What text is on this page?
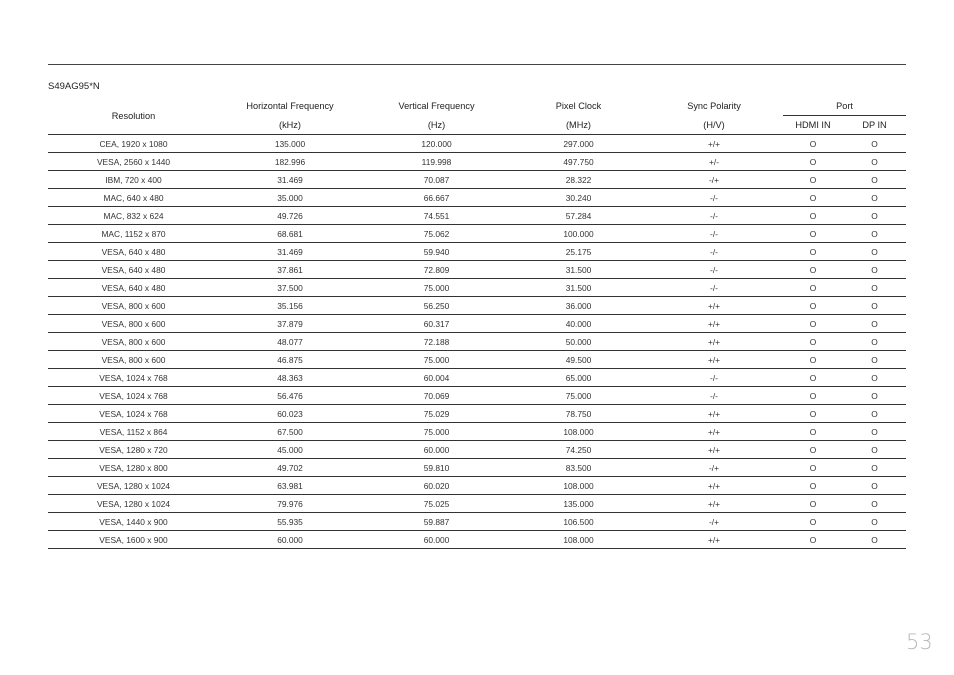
S49AG95*N
Resolution	Horizontal Frequency	Vertical Frequency	Pixel Clock	Sync Polarity	Port	
	(kHz)	(Hz)	(MHz)	(H/V)	HDMI IN	DP IN
CEA, 1920 x 1080	135.000	120.000	297.000	+/+	O	O
VESA, 2560 x 1440	182.996	119.998	497.750	+/-	O	O
IBM, 720 x 400	31.469	70.087	28.322	-/+	O	O
MAC, 640 x 480	35.000	66.667	30.240	-/-	O	O
MAC, 832 x 624	49.726	74.551	57.284	-/-	O	O
MAC, 1152 x 870	68.681	75.062	100.000	-/-	O	O
VESA, 640 x 480	31.469	59.940	25.175	-/-	O	O
VESA, 640 x 480	37.861	72.809	31.500	-/-	O	O
VESA, 640 x 480	37.500	75.000	31.500	-/-	O	O
VESA, 800 x 600	35.156	56.250	36.000	+/+	O	O
VESA, 800 x 600	37.879	60.317	40.000	+/+	O	O
VESA, 800 x 600	48.077	72.188	50.000	+/+	O	O
VESA, 800 x 600	46.875	75.000	49.500	+/+	O	O
VESA, 1024 x 768	48.363	60.004	65.000	-/-	O	O
VESA, 1024 x 768	56.476	70.069	75.000	-/-	O	O
VESA, 1024 x 768	60.023	75.029	78.750	+/+	O	O
VESA, 1152 x 864	67.500	75.000	108.000	+/+	O	O
VESA, 1280 x 720	45.000	60.000	74.250	+/+	O	O
VESA, 1280 x 800	49.702	59.810	83.500	-/+	O	O
VESA, 1280 x 1024	63.981	60.020	108.000	+/+	O	O
VESA, 1280 x 1024	79.976	75.025	135.000	+/+	O	O
VESA, 1440 x 900	55.935	59.887	106.500	-/+	O	O
VESA, 1600 x 900	60.000	60.000	108.000	+/+	O	O
53
